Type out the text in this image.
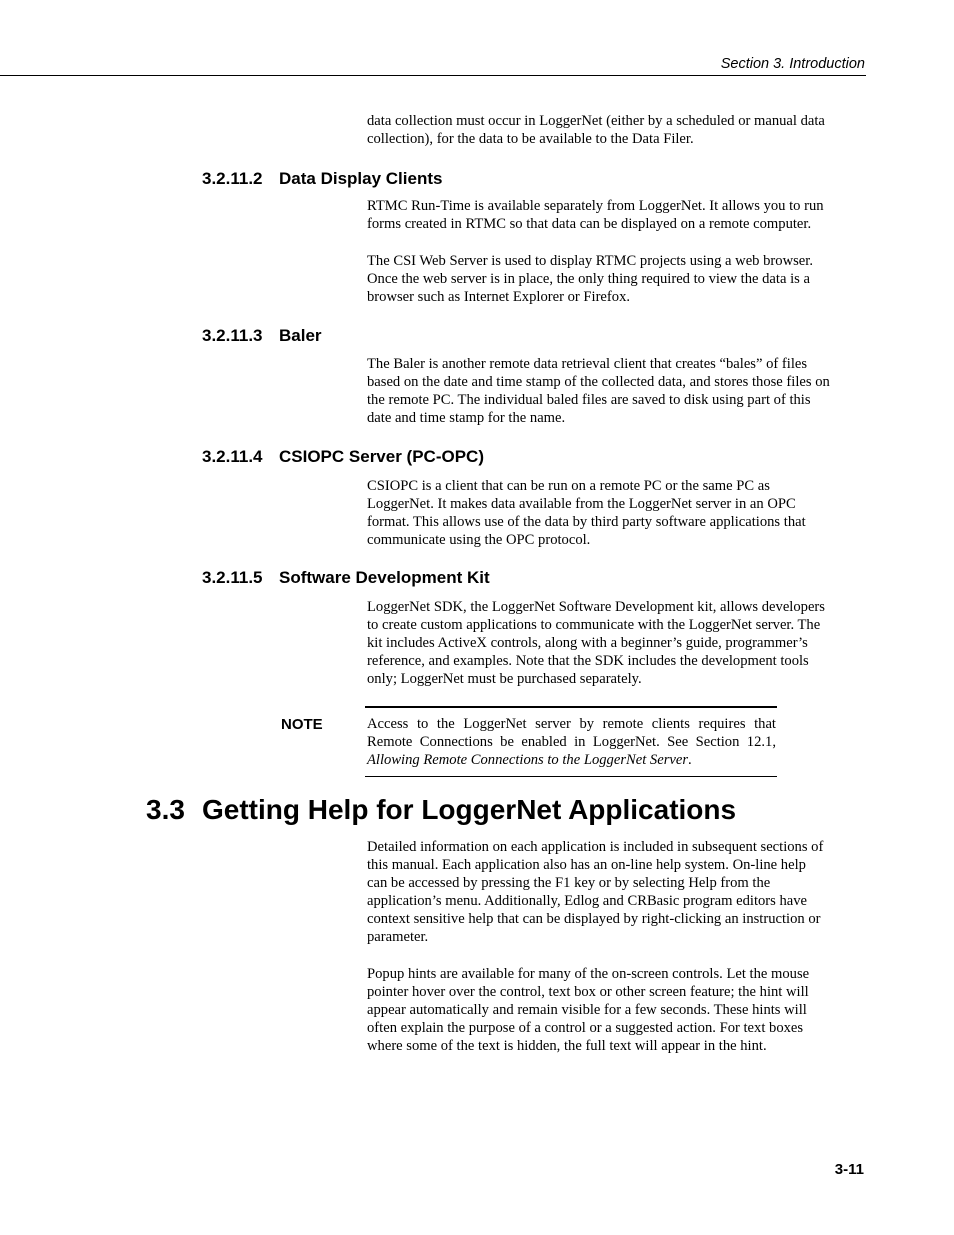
Section 3. Introduction

data collection must occur in LoggerNet (either by a scheduled or manual data
collection), for the data to be available to the Data Filer.

3.2.11.2 Data Display Clients

RTMC Run-Time is available separately from LoggerNet. It allows you to run
forms created in RTMC so that data can be displayed on a remote computer.

The CSI Web Server is used to display RTMC projects using a web browser.
Once the web server is in place, the only thing required to view the data is a
browser such as Internet Explorer or Firefox.

3.2.11.3 Baler

The Baler is another remote data retrieval client that creates “bales” of files
based on the date and time stamp of the collected data, and stores those files on
the remote PC. The individual baled files are saved to disk using part of this
date and time stamp for the name.

3.2.11.4 CSIOPC Server (PC-OPC)

CSIOPC is a client that can be run on a remote PC or the same PC as
LoggerNet. It makes data available from the LoggerNet server in an OPC
format. This allows use of the data by third party software applications that
communicate using the OPC protocol.

3.2.11.5 Software Development Kit

LoggerNet SDK, the LoggerNet Software Development kit, allows developers
to create custom applications to communicate with the LoggerNet server. The
kit includes ActiveX controls, along with a beginner’s guide, programmer’s
reference, and examples. Note that the SDK includes the development tools
only; LoggerNet must be purchased separately.

NOTE	Access to the LoggerNet server by remote clients requires that Remote Connections be enabled in LoggerNet. See Section 12.1, Allowing Remote Connections to the LoggerNet Server.

3.3 Getting Help for LoggerNet Applications

Detailed information on each application is included in subsequent sections of
this manual. Each application also has an on-line help system. On-line help
can be accessed by pressing the F1 key or by selecting Help from the
application’s menu. Additionally, Edlog and CRBasic program editors have
context sensitive help that can be displayed by right-clicking an instruction or
parameter.

Popup hints are available for many of the on-screen controls. Let the mouse
pointer hover over the control, text box or other screen feature; the hint will
appear automatically and remain visible for a few seconds. These hints will
often explain the purpose of a control or a suggested action. For text boxes
where some of the text is hidden, the full text will appear in the hint.

3-11
